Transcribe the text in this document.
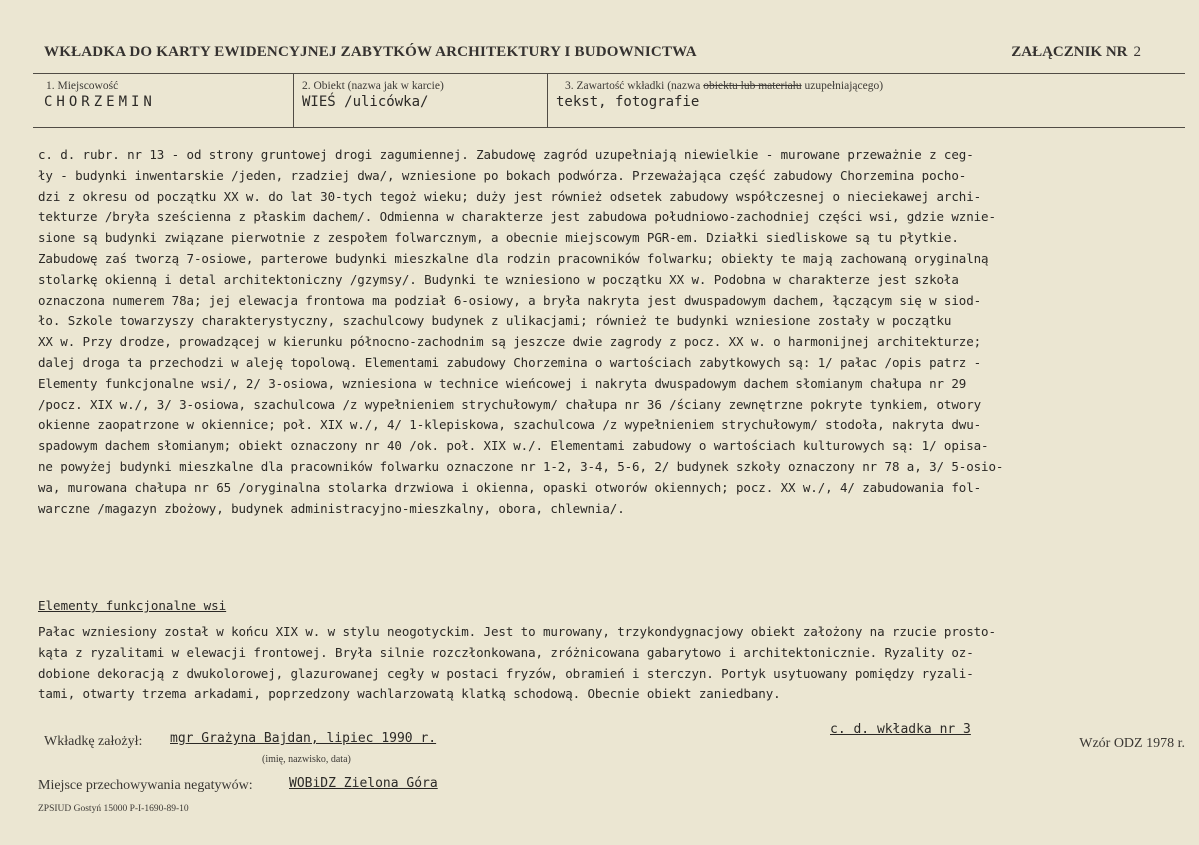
WKŁADKA DO KARTY EWIDENCYJNEJ ZABYTKÓW ARCHITEKTURY I BUDOWNICTWA	ZAŁĄCZNIK NR 2
1. Miejscowość	2. Obiekt (nazwa jak w karcie)	3. Zawartość wkładki (nazwa obiektu lub materiału uzupełniającego)
CHORZEMIN	WIEŚ /ulicówka/	tekst, fotografie
c. d. rubr. nr 13 - od strony gruntowej drogi zagumiennej. Zabudowę zagród uzupełniają niewielkie - murowane przeważnie z ceg-
ły - budynki inwentarskie /jeden, rzadziej dwa/, wzniesione po bokach podwórza. Przeważająca część zabudowy Chorzemina pocho-
dzi z okresu od początku XX w. do lat 30-tych tegoż wieku; duży jest również odsetek zabudowy współczesnej o nieciekawej archi-
tekturze /bryła sześcienna z płaskim dachem/. Odmienna w charakterze jest zabudowa południowo-zachodniej części wsi, gdzie wznie-
sione są budynki związane pierwotnie z zespołem folwarcznym, a obecnie miejscowym PGR-em. Działki siedliskowe są tu płytkie.
Zabudowę zaś tworzą 7-osiowe, parterowe budynki mieszkalne dla rodzin pracowników folwarku; obiekty te mają zachowaną oryginalną
stolarkę okienną i detal architektoniczny /gzymsy/. Budynki te wzniesiono w początku XX w. Podobna w charakterze jest szkoła
oznaczona numerem 78a; jej elewacja frontowa ma podział 6-osiowy, a bryła nakryta jest dwuspadowym dachem, łączącym się w siod-
ło. Szkole towarzyszy charakterystyczny, szachulcowy budynek z ulikacjami; również te budynki wzniesione zostały w początku
XX w. Przy drodze, prowadzącej w kierunku północno-zachodnim są jeszcze dwie zagrody z pocz. XX w. o harmonijnej architekturze;
dalej droga ta przechodzi w aleję topolową. Elementami zabudowy Chorzemina o wartościach zabytkowych są: 1/ pałac /opis patrz -
Elementy funkcjonalne wsi/, 2/ 3-osiowa, wzniesiona w technice wieńcowej i nakryta dwuspadowym dachem słomianym chałupa nr 29
/pocz. XIX w./, 3/ 3-osiowa, szachulcowa /z wypełnieniem strychułowym/ chałupa nr 36 /ściany zewnętrzne pokryte tynkiem, otwory
okienne zaopatrzone w okiennice; poł. XIX w./, 4/ 1-klepiskowa, szachulcowa /z wypełnieniem strychułowym/ stodoła, nakryta dwu-
spadowym dachem słomianym; obiekt oznaczony nr 40 /ok. poł. XIX w./. Elementami zabudowy o wartościach kulturowych są: 1/ opisa-
ne powyżej budynki mieszkalne dla pracowników folwarku oznaczone nr 1-2, 3-4, 5-6, 2/ budynek szkoły oznaczony nr 78 a, 3/ 5-osio-
wa, murowana chałupa nr 65 /oryginalna stolarka drzwiowa i okienna, opaski otworów okiennych; pocz. XX w./, 4/ zabudowania fol-
warczne /magazyn zbożowy, budynek administracyjno-mieszkalny, obora, chlewnia/.
Elementy funkcjonalne wsi
Pałac wzniesiony został w końcu XIX w. w stylu neogotyckim. Jest to murowany, trzykondygnacjowy obiekt założony na rzucie prosto-
kąta z ryzalitami w elewacji frontowej. Bryła silnie rozczłonkowana, zróżnicowana gabarytowo i architektonicznie. Ryzality oz-
dobione dekoracją z dwukolorowej, glazurowanej cegły w postaci fryzów, obramień i sterczyn. Portyk usytuowany pomiędzy ryzali-
tami, otwarty trzema arkadami, poprzedzony wachlarzowatą klatką schodową. Obecnie obiekt zaniedbany.
Wkładkę założył: mgr Grażyna Bajdan, lipiec 1990 r.
(imię, nazwisko, data)
c. d. wkładka nr 3
Wzór ODZ 1978 r.
Miejsce przechowywania negatywów:	WOBiDZ Zielona Góra
ZPSIUD Gostyń 15000 P-I-1690-89-10
